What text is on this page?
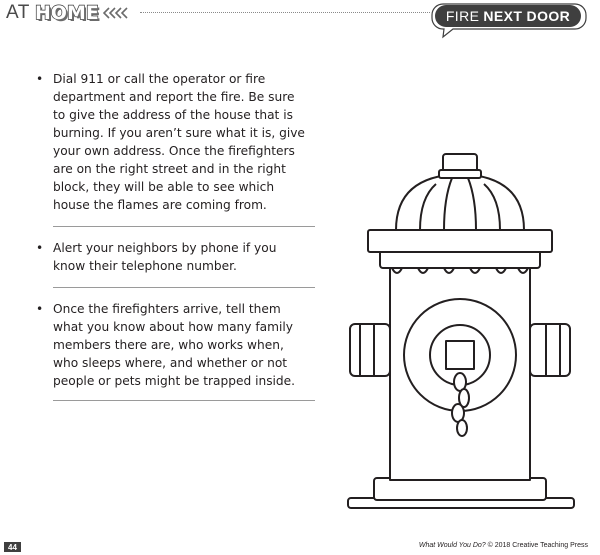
AT HOME	FIRE NEXT DOOR
• Dial 911 or call the operator or fire
department and report the fire. Be sure
to give the address of the house that is
burning. If you aren’t sure what it is, give
your own address. Once the firefighters
are on the right street and in the right
block, they will be able to see which
house the flames are coming from.
• Alert your neighbors by phone if you
know their telephone number.
• Once the firefighters arrive, tell them
what you know about how many family
members there are, who works when,
who sleeps where, and whether or not
people or pets might be trapped inside.
44	What Would You Do? © 2018 Creative Teaching Press
